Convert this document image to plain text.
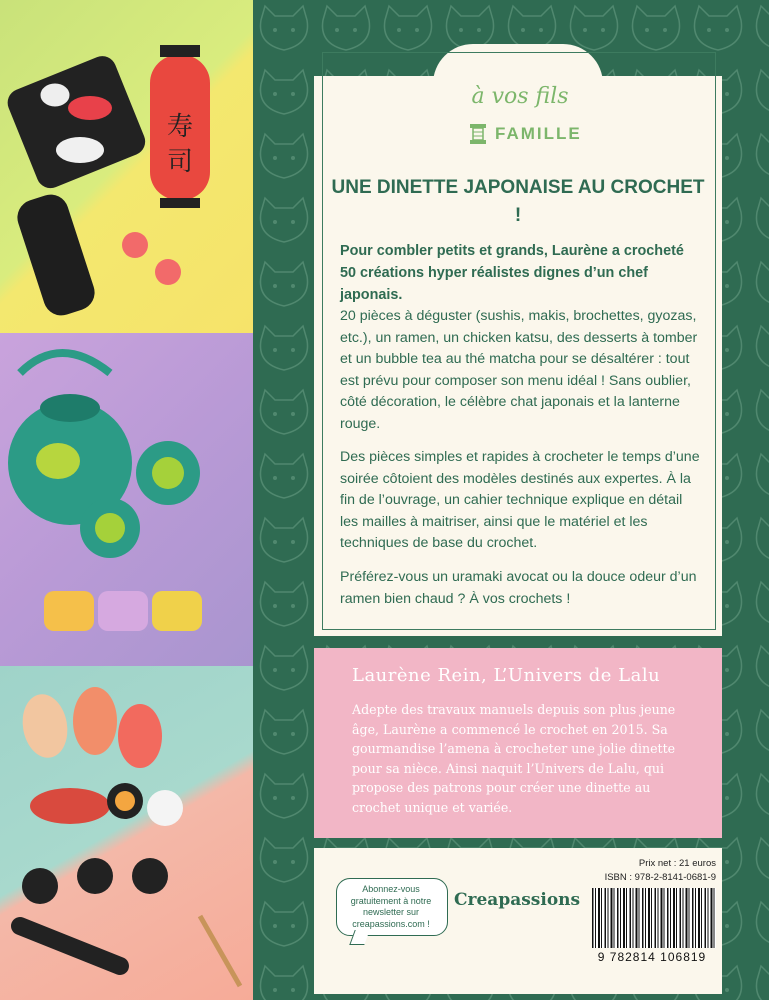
寿
司
à vos fils
FAMILLE
UNE DINETTE JAPONAISE AU CROCHET !
Pour combler petits et grands, Laurène a crocheté 50 créations hyper réalistes dignes d’un chef japonais.
20 pièces à déguster (sushis, makis, brochettes, gyozas, etc.), un ramen, un chicken katsu, des desserts à tomber et un bubble tea au thé matcha pour se désaltérer : tout est prévu pour composer son menu idéal ! Sans oublier, côté décoration, le célèbre chat japonais et la lanterne rouge.
Des pièces simples et rapides à crocheter le temps d’une soirée côtoient des modèles destinés aux expertes. À la fin de l’ouvrage, un cahier technique explique en détail les mailles à maitriser, ainsi que le matériel et les techniques de base du crochet.
Préférez-vous un uramaki avocat ou la douce odeur d’un ramen bien chaud ? À vos crochets !
Laurène Rein, L’Univers de Lalu
Adepte des travaux manuels depuis son plus jeune âge, Laurène a commencé le crochet en 2015. Sa gourmandise l’amena à crocheter une jolie dinette pour sa nièce. Ainsi naquit l’Univers de Lalu, qui propose des patrons pour créer une dinette au crochet unique et variée.
Abonnez-vous gratuitement à notre newsletter sur creapassions.com !
Creapassions
Prix net : 21 euros
ISBN : 978-2-8141-0681-9
9 782814 106819
